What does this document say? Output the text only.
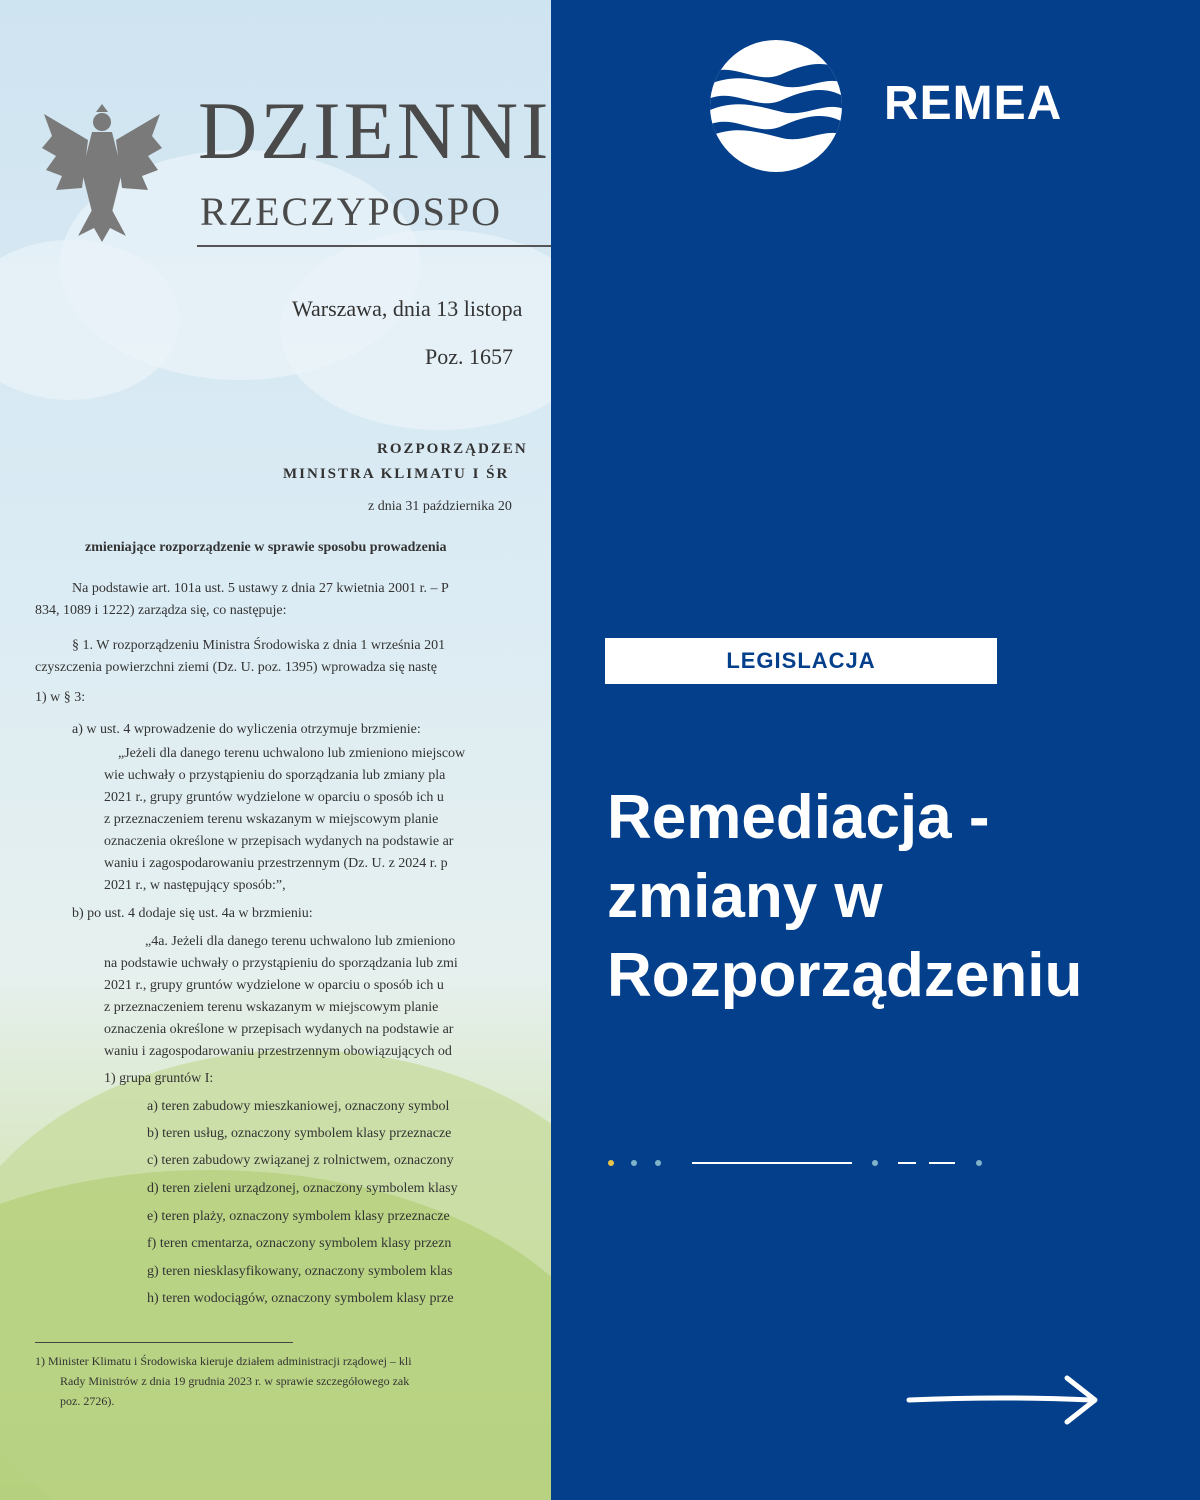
DZIENNI
RZECZYPOSPO
Warszawa, dnia 13 listopa
Poz. 1657
ROZPORZĄDZEN
MINISTRA KLIMATU I ŚR
z dnia 31 października 20
zmieniające rozporządzenie w sprawie sposobu prowadzenia
Na podstawie art. 101a ust. 5 ustawy z dnia 27 kwietnia 2001 r. – P
834, 1089 i 1222) zarządza się, co następuje:
§ 1. W rozporządzeniu Ministra Środowiska z dnia 1 września 201
czyszczenia powierzchni ziemi (Dz. U. poz. 1395) wprowadza się nastę
1) w § 3:
a) w ust. 4 wprowadzenie do wyliczenia otrzymuje brzmienie:
„Jeżeli dla danego terenu uchwalono lub zmieniono miejscow
wie uchwały o przystąpieniu do sporządzania lub zmiany pla
2021 r., grupy gruntów wydzielone w oparciu o sposób ich u
z przeznaczeniem terenu wskazanym w miejscowym planie
oznaczenia określone w przepisach wydanych na podstawie ar
waniu i zagospodarowaniu przestrzennym (Dz. U. z 2024 r. p
2021 r., w następujący sposób:”,
b) po ust. 4 dodaje się ust. 4a w brzmieniu:
„4a. Jeżeli dla danego terenu uchwalono lub zmieniono
na podstawie uchwały o przystąpieniu do sporządzania lub zmi
2021 r., grupy gruntów wydzielone w oparciu o sposób ich u
z przeznaczeniem terenu wskazanym w miejscowym planie
oznaczenia określone w przepisach wydanych na podstawie ar
waniu i zagospodarowaniu przestrzennym obowiązujących od
1) grupa gruntów I:
a) teren zabudowy mieszkaniowej, oznaczony symbol
b) teren usług, oznaczony symbolem klasy przeznacze
c) teren zabudowy związanej z rolnictwem, oznaczony
d) teren zieleni urządzonej, oznaczony symbolem klasy
e) teren plaży, oznaczony symbolem klasy przeznacze
f) teren cmentarza, oznaczony symbolem klasy przezn
g) teren niesklasyfikowany, oznaczony symbolem klas
h) teren wodociągów, oznaczony symbolem klasy prze
1) Minister Klimatu i Środowiska kieruje działem administracji rządowej – kli
Rady Ministrów z dnia 19 grudnia 2023 r. w sprawie szczegółowego zak
poz. 2726).
REMEA
LEGISLACJA
Remediacja -
zmiany w
Rozporządzeniu
